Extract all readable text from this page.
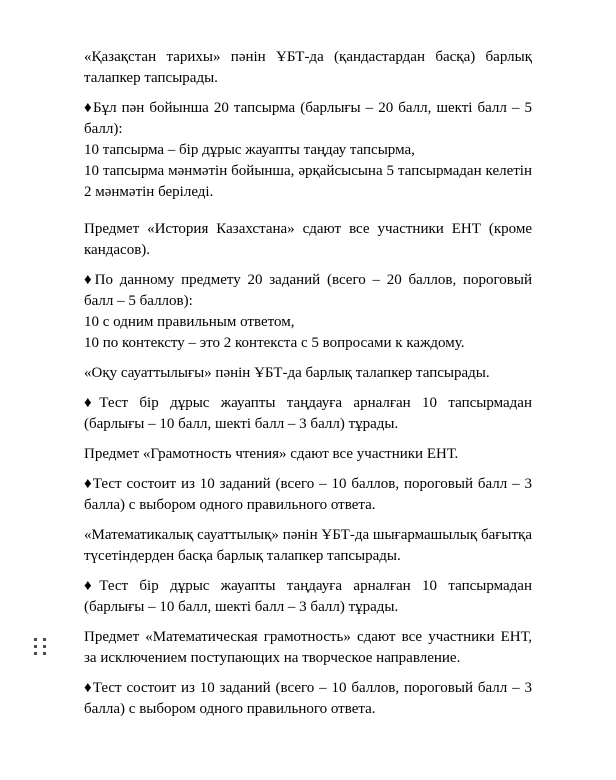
«Қазақстан тарихы» пәнін ҰБТ-да (қандастардан басқа) барлық талапкер тапсырады.

♦Бұл пән бойынша 20 тапсырма (барлығы – 20 балл, шекті балл – 5 балл):

10 тапсырма – бір дұрыс жауапты таңдау тапсырма,

10 тапсырма мәнмәтін бойынша, әрқайсысына 5 тапсырмадан келетін 2 мәнмәтін беріледі.

Предмет «История Казахстана» сдают все участники ЕНТ (кроме кандасов).

♦По данному предмету 20 заданий (всего – 20 баллов, пороговый балл – 5 баллов):

10 с одним правильным ответом,

10 по контексту – это 2 контекста с 5 вопросами к каждому.

«Оқу сауаттылығы» пәнін ҰБТ-да барлық талапкер тапсырады.

♦Тест бір дұрыс жауапты таңдауға арналған 10 тапсырмадан (барлығы – 10 балл, шекті балл – 3 балл) тұрады.

Предмет «Грамотность чтения» сдают все участники ЕНТ.

♦Тест состоит из 10 заданий (всего – 10 баллов, пороговый балл – 3 балла) с выбором одного правильного ответа.

«Математикалық сауаттылық» пәнін ҰБТ-да шығармашылық бағытқа түсетіндерден басқа барлық талапкер тапсырады.

♦Тест бір дұрыс жауапты таңдауға арналған 10 тапсырмадан (барлығы – 10 балл, шекті балл – 3 балл) тұрады.

Предмет «Математическая грамотность» сдают все участники ЕНТ, за исключением поступающих на творческое направление.

♦Тест состоит из 10 заданий (всего – 10 баллов, пороговый балл – 3 балла) с выбором одного правильного ответа.
